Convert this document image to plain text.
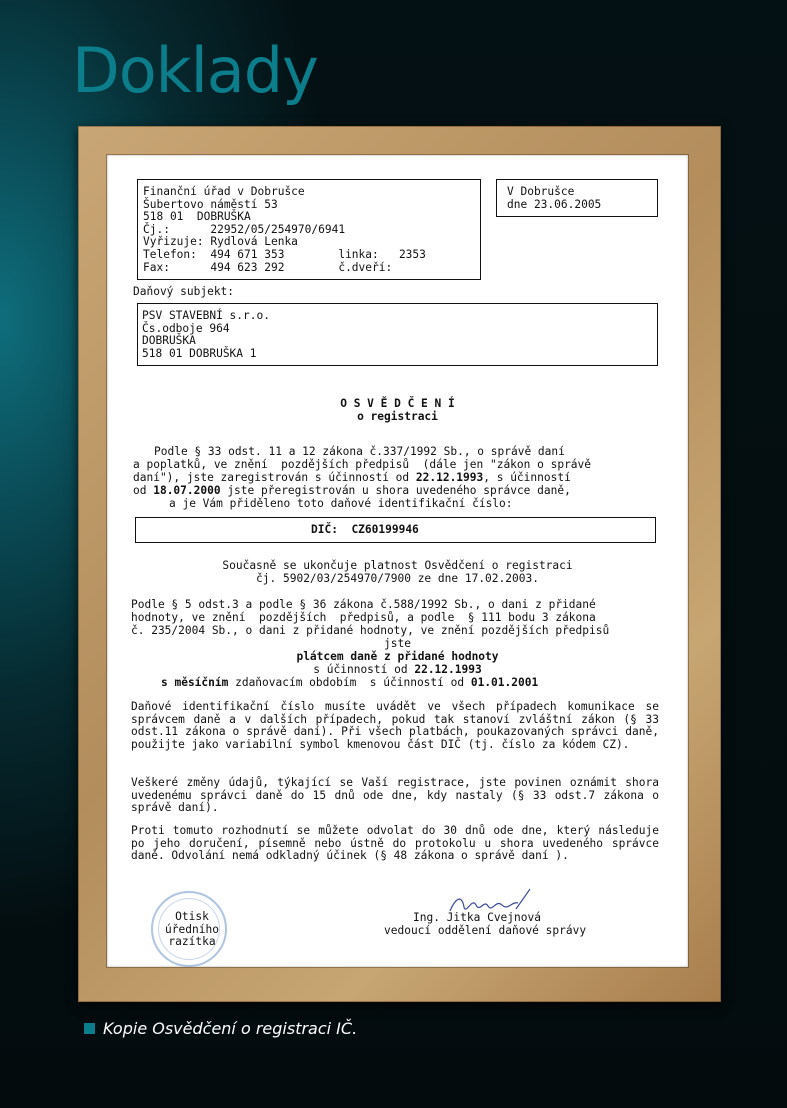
Doklady
Finanční úřad v Dobrušce
Šubertovo náměstí 53
518 01  DOBRUŠKA
Čj.:      22952/05/254970/6941
Vyřizuje: Rydlová Lenka
Telefon:  494 671 353        linka:   2353
Fax:      494 623 292        č.dveří:
V Dobrušce
dne 23.06.2005
Daňový subjekt:
PSV STAVEBNÍ s.r.o.
Čs.odboje 964
DOBRUŠKA
518 01 DOBRUŠKA 1
O S V Ě D Č E N Í
o registraci
Podle § 33 odst. 11 a 12 zákona č.337/1992 Sb., o správě daní
a poplatků, ve znění  pozdějších předpisů  (dále jen "zákon o správě
daní"), jste zaregistrován s účinností od 22.12.1993, s účinností
od 18.07.2000 jste přeregistrován u shora uvedeného správce daně,
a je Vám přiděleno toto daňové identifikační číslo:
DIČ: CZ60199946
Současně se ukončuje platnost Osvědčení o registraci
čj. 5902/03/254970/7900 ze dne 17.02.2003.
Podle § 5 odst.3 a podle § 36 zákona č.588/1992 Sb., o dani z přidané
hodnoty, ve znění  pozdějších  předpisů, a podle  § 111 bodu 3 zákona
č. 235/2004 Sb., o dani z přidané hodnoty, ve znění pozdějších předpisů
jste
plátcem daně z přidané hodnoty
s účinností od 22.12.1993
s měsíčním zdaňovacím obdobím  s účinností od 01.01.2001
Daňové identifikační číslo musíte uvádět ve všech případech komunikace se správcem daně a v dalších případech, pokud tak stanoví zvláštní zákon (§ 33 odst.11 zákona o správě daní). Při všech platbách, poukazovaných správci daně, použijte jako variabilní symbol kmenovou část DIČ (tj. číslo za kódem CZ).
Veškeré změny údajů, týkající se Vaší registrace, jste povinen oznámit shora uvedenému správci daně do 15 dnů ode dne, kdy nastaly (§ 33 odst.7 zákona o správě daní).
Proti tomuto rozhodnutí se můžete odvolat do 30 dnů ode dne, který následuje po jeho doručení, písemně nebo ústně do protokolu u shora uvedeného správce daně. Odvolání nemá odkladný účinek (§ 48 zákona o správě daní ).
Otisk
úředního
razítka
Ing. Jitka Cvejnová
vedoucí oddělení daňové správy
Kopie Osvědčení o registraci IČ.
